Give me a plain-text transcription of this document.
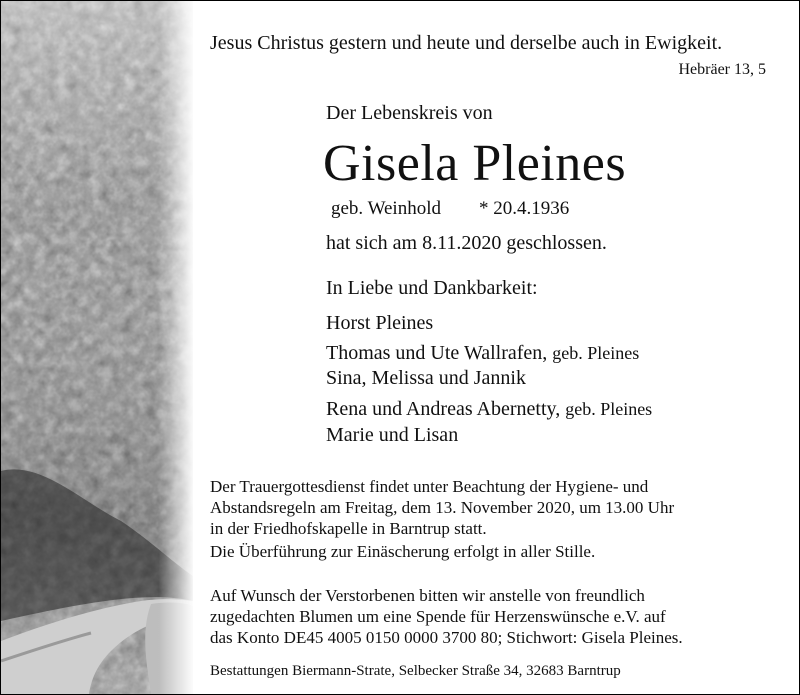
Jesus Christus gestern und heute und derselbe auch in Ewigkeit.
Hebräer 13, 5
Der Lebenskreis von
Gisela Pleines
geb. Weinhold * 20.4.1936
hat sich am 8.11.2020 geschlossen.
In Liebe und Dankbarkeit:
Horst Pleines
Thomas und Ute Wallrafen, geb. Pleines
Sina, Melissa und Jannik
Rena und Andreas Abernetty, geb. Pleines
Marie und Lisan
Der Trauergottesdienst findet unter Beachtung der Hygiene- und
Abstandsregeln am Freitag, dem 13. November 2020, um 13.00 Uhr
in der Friedhofskapelle in Barntrup statt.
Die Überführung zur Einäscherung erfolgt in aller Stille.
Auf Wunsch der Verstorbenen bitten wir anstelle von freundlich
zugedachten Blumen um eine Spende für Herzenswünsche e.V. auf
das Konto DE45 4005 0150 0000 3700 80; Stichwort: Gisela Pleines.
Bestattungen Biermann-Strate, Selbecker Straße 34, 32683 Barntrup
